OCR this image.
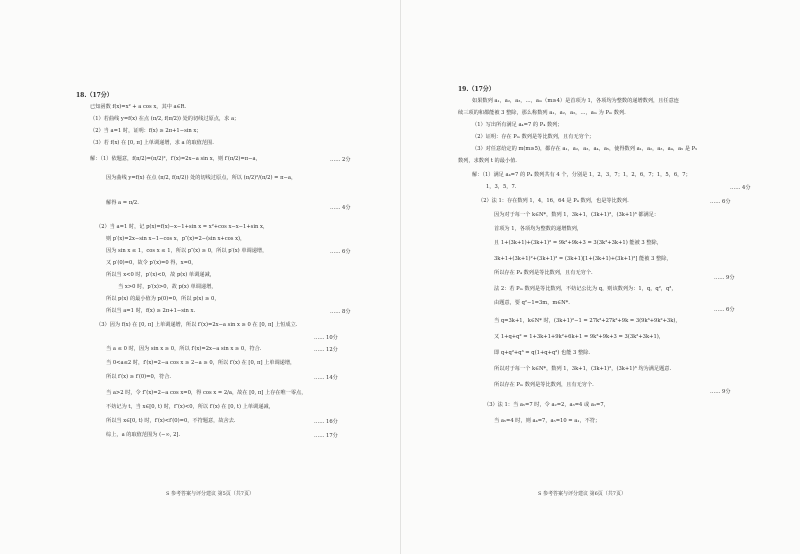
18.（17分）
已知函数 f(x)=x² + a cos x，其中 a∈R.
（1）若曲线 y=f(x) 在点 (π/2, f(π/2)) 处的切线过原点，求 a；
（2）当 a=1 时，证明：f(x) ≥ 2π+1−sin x；
（3）若 f(x) 在 [0, π] 上单调递增，求 a 的取值范围.
解：（1）依题意，f(π/2)=(π/2)²，f′(x)=2x−a sin x，则 f′(π/2)=π−a，	…… 2分
因为曲线 y=f(x) 在点 (π/2, f(π/2)) 处的切线过原点，所以 (π/2)²/(π/2) = π−a，
解得 a = π/2.
…… 4分
（2）当 a=1 时，记 p(x)=f(x)−x−1+sin x = x²+cos x−x−1+sin x，
则 p′(x)=2x−sin x−1−cos x，p″(x)=2−(sin x+cos x)，
因为 sin x ≤ 1，cos x ≤ 1，所以 p″(x) ≥ 0，所以 p′(x) 单调递增，	…… 6分
又 p′(0)=0，故令 p′(x)=0 得，x=0，
所以当 x<0 时，p′(x)<0，故 p(x) 单调递减，
当 x>0 时，p′(x)>0，故 p(x) 单调递增，
所以 p(x) 的最小值为 p(0)=0，所以 p(x) ≥ 0，
所以当 a=1 时，f(x) ≥ 2π+1−sin x.	…… 8分
（3）因为 f(x) 在 [0, π] 上单调递增，所以 f′(x)=2x−a sin x ≥ 0 在 [0, π] 上恒成立.
…… 10分
当 a ≤ 0 时，因为 sin x ≥ 0，所以 f′(x)=2x−a sin x ≥ 0，符合.	…… 12分
当 0<a≤2 时，f′(x)=2−a cos x ≥ 2−a ≥ 0，所以 f′(x) 在 [0, π] 上单调递增，
所以 f′(x) ≥ f′(0)=0，符合.	…… 14分
当 a>2 时，令 f″(x)=2−a cos x=0，得 cos x = 2/a，故在 [0, π] 上存在唯一零点，
不妨记为 t，当 x∈[0, t) 时，f″(x)<0，所以 f′(x) 在 [0, t) 上单调递减，
所以当 x∈[0, t) 时，f′(x)<f′(0)=0，不符题意，故舍去.	…… 16分
综上，a 的取值范围为 (−∞, 2].	…… 17分
S 参考答案与评分建议 第5页（共7页）
19.（17分）
如果数列 a₁，a₂，a₃，…，aₘ（m≥4）是首项为 1，各项均为整数的递增数列，且任意连
续三项的和都能被 3 整除，那么称数列 a₁，a₂，a₃，…，aₘ 为 Pₘ 数列.
（1）写出所有满足 a₄=7 的 P₄ 数列；
（2）证明：存在 Pₘ 数列是等比数列，且有无穷个；
（3）对任意给定的 m(m≥5)，都存在 a₁，a₂，a₃，a₄，a₅，使得数列 a₁，a₂，a₃，a₄，a₅ 是 P₅
数列，求数列 t 的最小值.
解：（1）满足 a₄=7 的 P₄ 数列共有 4 个，分别是 1，2，3，7；1，2，6，7；1，5，6，7；
1，3，5，7.	…… 4分
（2）法 1：存在数列 1，4，16，64 是 P₄ 数列，也是等比数列.	…… 6分
因为对于每一个 k∈N*，数列 1，3k+1，(3k+1)²，(3k+1)³ 都满足：
首项为 1，各项均为整数的递增数列，
且 1+(3k+1)+(3k+1)² = 9k²+9k+3 = 3(3k²+3k+1) 能被 3 整除，
3k+1+(3k+1)²+(3k+1)³ = (3k+1)[1+(3k+1)+(3k+1)²] 能被 3 整除，
所以存在 P₄ 数列是等比数列，且有无穷个.
…… 9分
法 2：若 Pₘ 数列是等比数列，不妨记公比为 q，则该数列为：1，q，q²，q³，
由题意，要 q²−1=3m，m∈N*.
…… 6分
当 q=3k+1，k∈N* 时，(3k+1)²−1 = 27k³+27k²+9k = 3(9k³+9k²+3k)，
又 1+q+q² = 1+3k+1+9k²+6k+1 = 9k²+9k+3 = 3(3k²+3k+1)，
即 q+q²+q³ = q(1+q+q²) 也能 3 整除.
所以对于每一个 k∈N*，数列 1，3k+1，(3k+1)²，(3k+1)³ 均为满足题意.
所以存在 Pₘ 数列是等比数列，且有无穷个.
…… 9分
（3）法 1：当 a₅=7 时，令 a₂=2，a₃=4 或 a₃=7，
当 a₅=4 时，则 a₄=7，a₅=10 = a₁，不符；
S 参考答案与评分建议 第6页（共7页）
